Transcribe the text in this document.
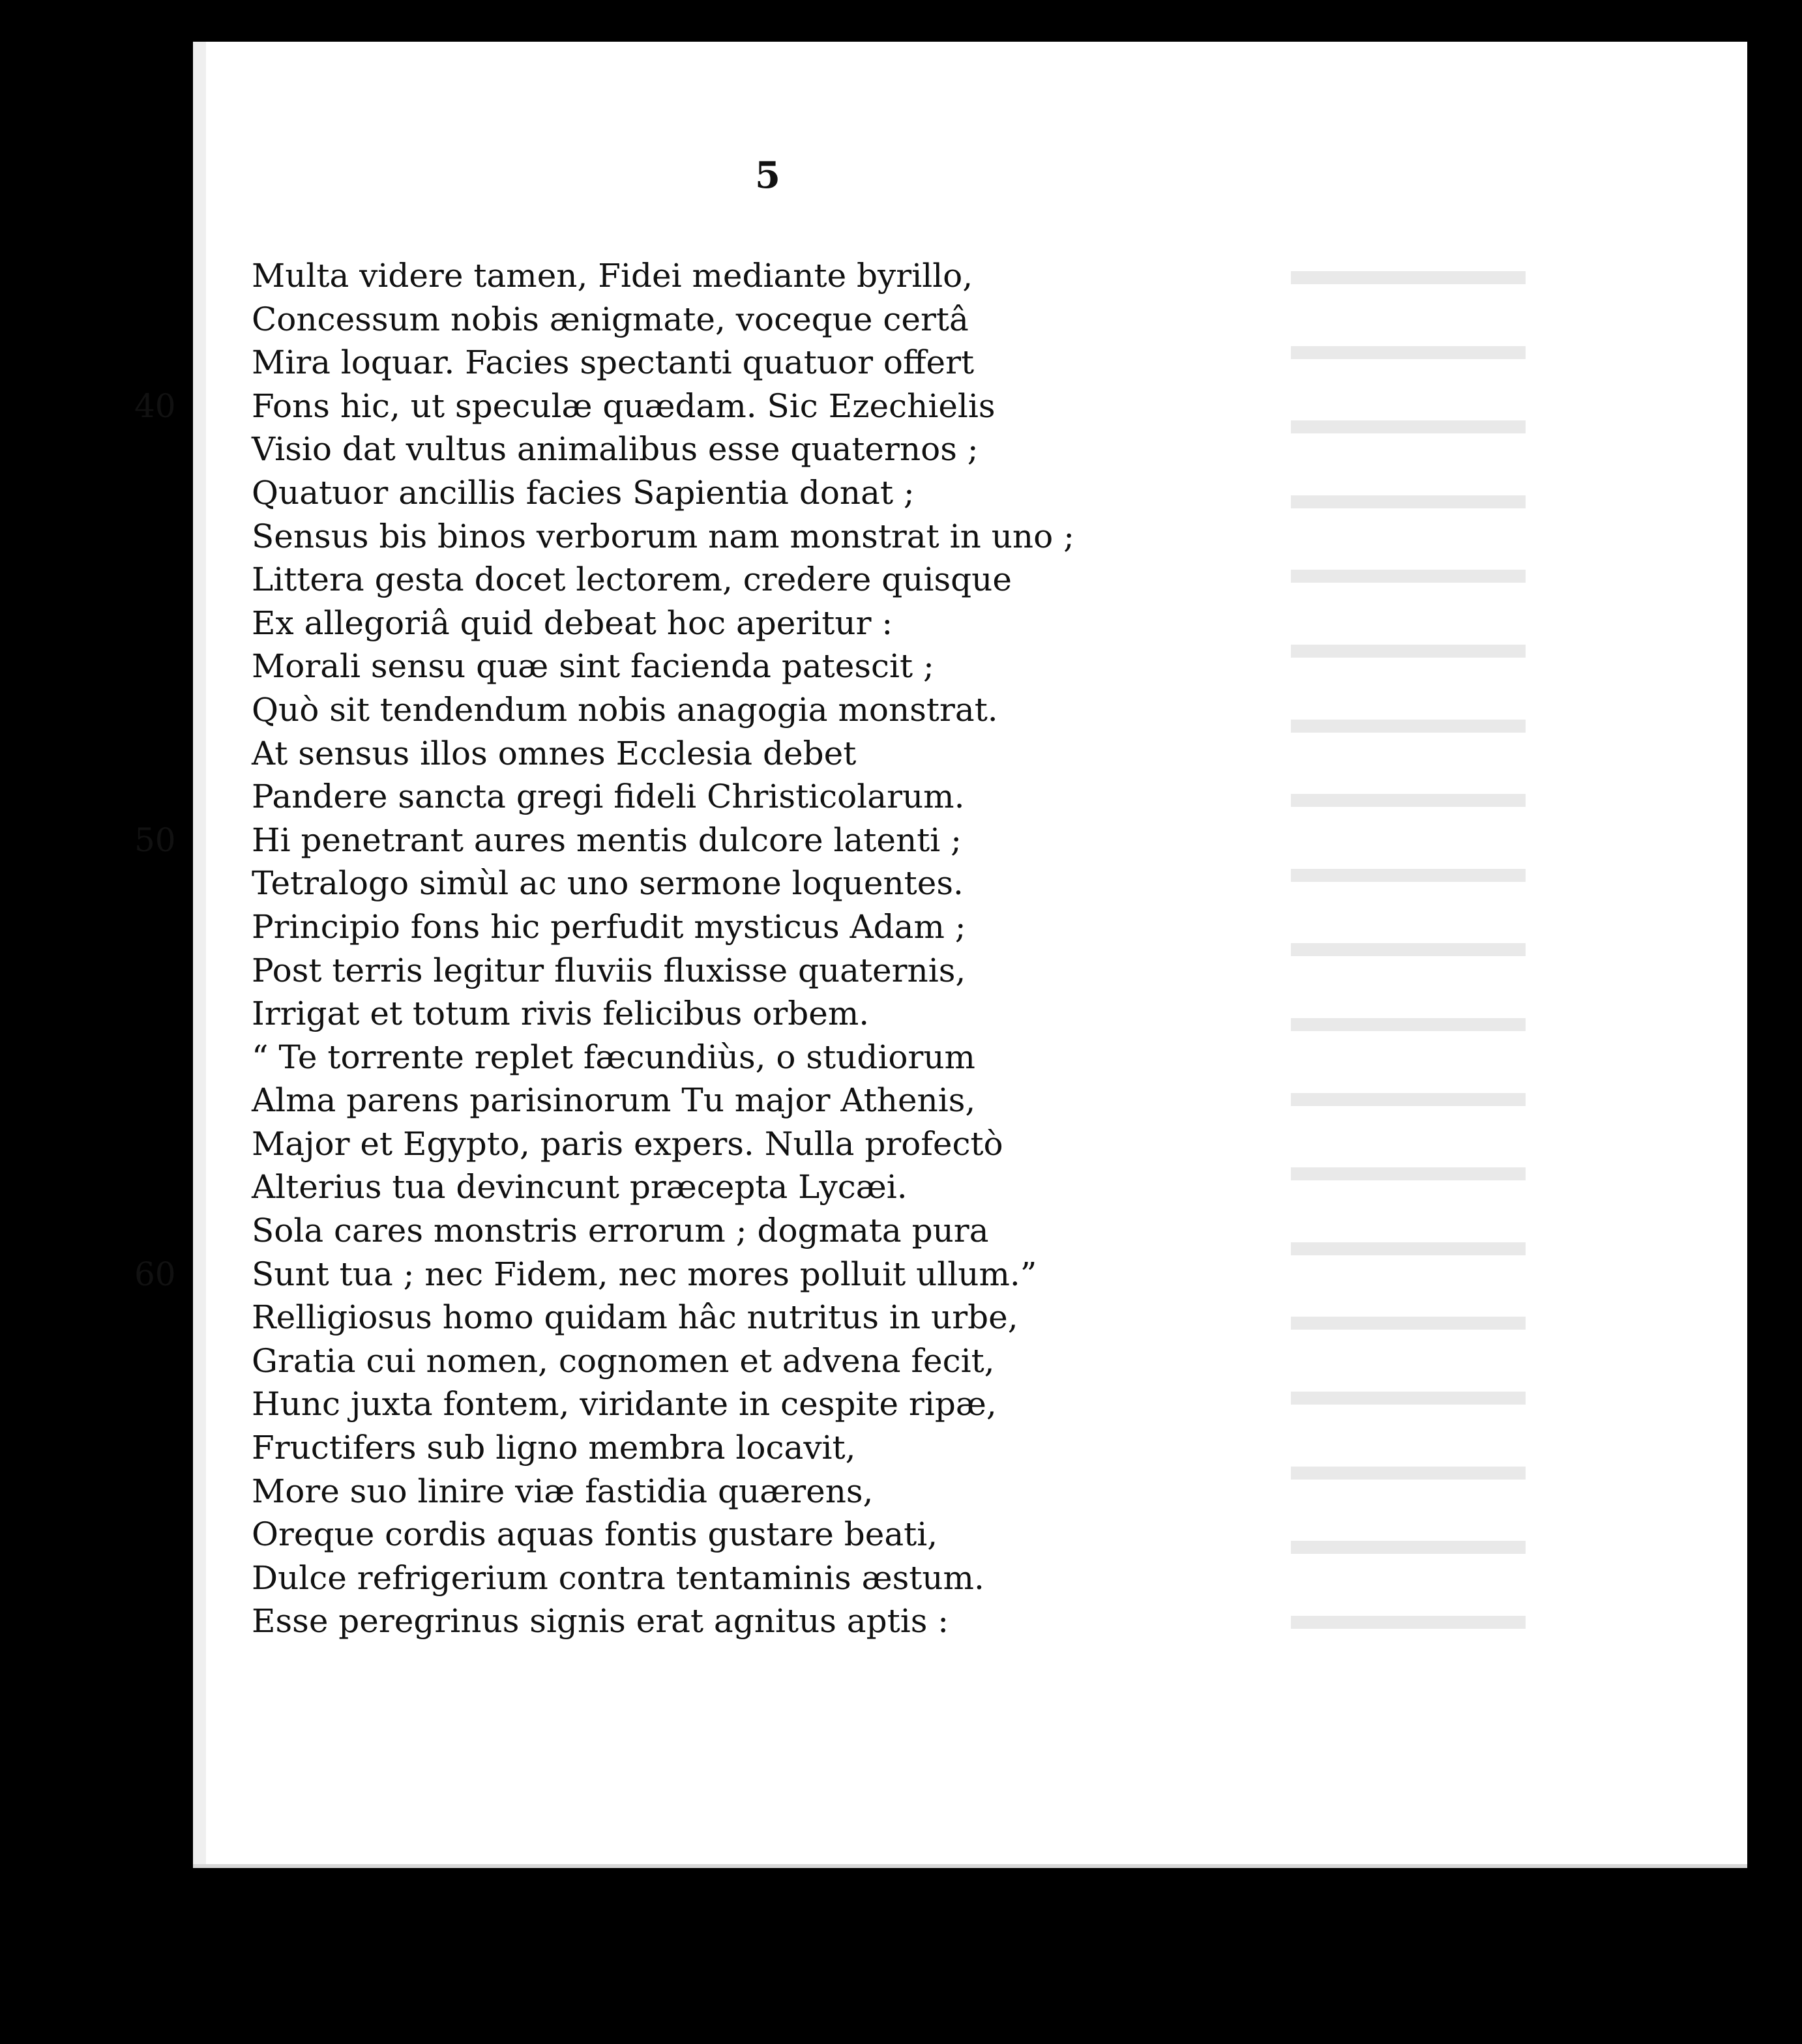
5
Multa videre tamen, Fidei mediante byrillo,
Concessum nobis ænigmate, voceque certâ
Mira loquar. Facies spectanti quatuor offert
40	Fons hic, ut speculæ quædam. Sic Ezechielis
Visio dat vultus animalibus esse quaternos ;
Quatuor ancillis facies Sapientia donat ;
Sensus bis binos verborum nam monstrat in uno ;
Littera gesta docet lectorem, credere quisque
Ex allegoriâ quid debeat hoc aperitur :
Morali sensu quæ sint facienda patescit ;
Quò sit tendendum nobis anagogia monstrat.
At sensus illos omnes Ecclesia debet
Pandere sancta gregi fideli Christicolarum.
50	Hi penetrant aures mentis dulcore latenti ;
Tetralogo simùl ac uno sermone loquentes.
Principio fons hic perfudit mysticus Adam ;
Post terris legitur fluviis fluxisse quaternis,
Irrigat et totum rivis felicibus orbem.
“ Te torrente replet fæcundiùs, o studiorum
Alma parens parisinorum Tu major Athenis,
Major et Egypto, paris expers. Nulla profectò
Alterius tua devincunt præcepta Lycæi.
Sola cares monstris errorum ; dogmata pura
60	Sunt tua ; nec Fidem, nec mores polluit ullum.”
Relligiosus homo quidam hâc nutritus in urbe,
Gratia cui nomen, cognomen et advena fecit,
Hunc juxta fontem, viridante in cespite ripæ,
Fructifers sub ligno membra locavit,
More suo linire viæ fastidia quærens,
Oreque cordis aquas fontis gustare beati,
Dulce refrigerium contra tentaminis æstum.
Esse peregrinus signis erat agnitus aptis :
